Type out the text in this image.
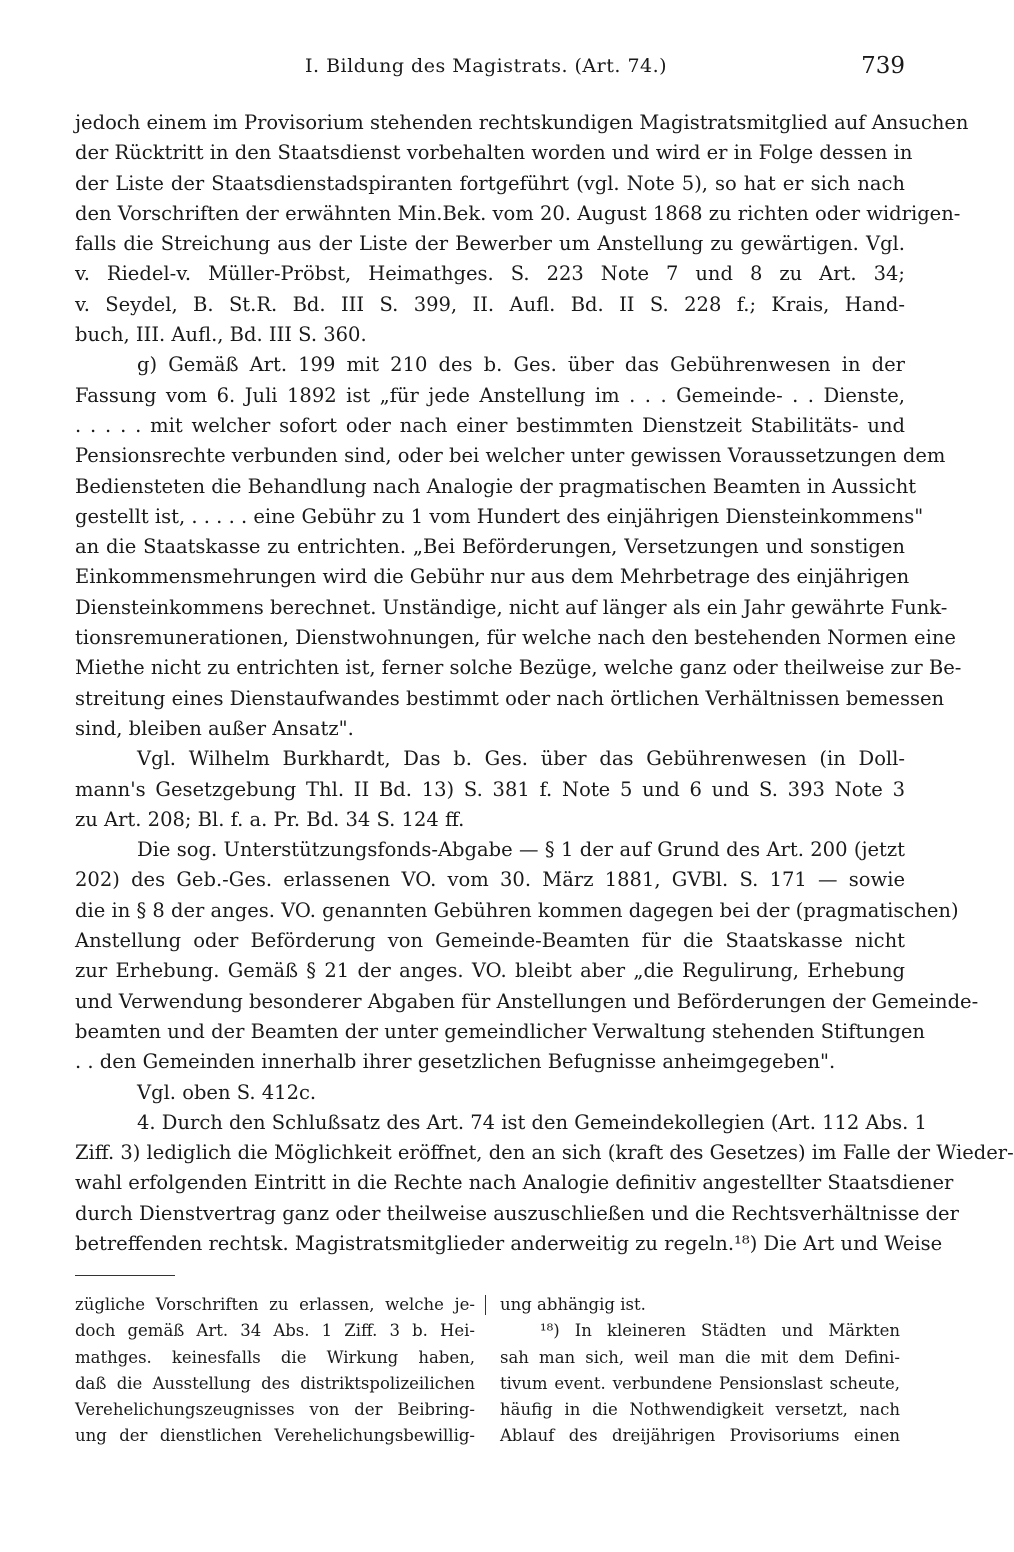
I. Bildung des Magistrats. (Art. 74.)	739
jedoch einem im Provisorium stehenden rechtskundigen Magistratsmitglied auf Ansuchen
der Rücktritt in den Staatsdienst vorbehalten worden und wird er in Folge dessen in
der Liste der Staatsdienstadspiranten fortgeführt (vgl. Note 5), so hat er sich nach
den Vorschriften der erwähnten Min.Bek. vom 20. August 1868 zu richten oder widrigen-
falls die Streichung aus der Liste der Bewerber um Anstellung zu gewärtigen. Vgl.
v. Riedel-v. Müller-Pröbst, Heimathges. S. 223 Note 7 und 8 zu Art. 34;
v. Seydel, B. St.R. Bd. III S. 399, II. Aufl. Bd. II S. 228 f.; Krais, Hand-
buch, III. Aufl., Bd. III S. 360.
g) Gemäß Art. 199 mit 210 des b. Ges. über das Gebührenwesen in der
Fassung vom 6. Juli 1892 ist „für jede Anstellung im . . . Gemeinde- . . Dienste,
. . . . . mit welcher sofort oder nach einer bestimmten Dienstzeit Stabilitäts- und
Pensionsrechte verbunden sind, oder bei welcher unter gewissen Voraussetzungen dem
Bediensteten die Behandlung nach Analogie der pragmatischen Beamten in Aussicht
gestellt ist, . . . . . eine Gebühr zu 1 vom Hundert des einjährigen Diensteinkommens"
an die Staatskasse zu entrichten. „Bei Beförderungen, Versetzungen und sonstigen
Einkommensmehrungen wird die Gebühr nur aus dem Mehrbetrage des einjährigen
Diensteinkommens berechnet. Unständige, nicht auf länger als ein Jahr gewährte Funk-
tionsremunerationen, Dienstwohnungen, für welche nach den bestehenden Normen eine
Miethe nicht zu entrichten ist, ferner solche Bezüge, welche ganz oder theilweise zur Be-
streitung eines Dienstaufwandes bestimmt oder nach örtlichen Verhältnissen bemessen
sind, bleiben außer Ansatz".
Vgl. Wilhelm Burkhardt, Das b. Ges. über das Gebührenwesen (in Doll-
mann's Gesetzgebung Thl. II Bd. 13) S. 381 f. Note 5 und 6 und S. 393 Note 3
zu Art. 208; Bl. f. a. Pr. Bd. 34 S. 124 ff.
Die sog. Unterstützungsfonds-Abgabe — § 1 der auf Grund des Art. 200 (jetzt
202) des Geb.-Ges. erlassenen VO. vom 30. März 1881, GVBl. S. 171 — sowie
die in § 8 der anges. VO. genannten Gebühren kommen dagegen bei der (pragmatischen)
Anstellung oder Beförderung von Gemeinde-Beamten für die Staatskasse nicht
zur Erhebung. Gemäß § 21 der anges. VO. bleibt aber „die Regulirung, Erhebung
und Verwendung besonderer Abgaben für Anstellungen und Beförderungen der Gemeinde-
beamten und der Beamten der unter gemeindlicher Verwaltung stehenden Stiftungen
. . den Gemeinden innerhalb ihrer gesetzlichen Befugnisse anheimgegeben".
Vgl. oben S. 412c.
4. Durch den Schlußsatz des Art. 74 ist den Gemeindekollegien (Art. 112 Abs. 1
Ziff. 3) lediglich die Möglichkeit eröffnet, den an sich (kraft des Gesetzes) im Falle der Wieder-
wahl erfolgenden Eintritt in die Rechte nach Analogie definitiv angestellter Staatsdiener
durch Dienstvertrag ganz oder theilweise auszuschließen und die Rechtsverhältnisse der
betreffenden rechtsk. Magistratsmitglieder anderweitig zu regeln.¹⁸) Die Art und Weise
zügliche Vorschriften zu erlassen, welche je-
doch gemäß Art. 34 Abs. 1 Ziff. 3 b. Hei-
mathges. keinesfalls die Wirkung haben,
daß die Ausstellung des distriktspolizeilichen
Verehelichungszeugnisses von der Beibring-
ung der dienstlichen Verehelichungsbewillig-
ung abhängig ist.
¹⁸) In kleineren Städten und Märkten
sah man sich, weil man die mit dem Defini-
tivum event. verbundene Pensionslast scheute,
häufig in die Nothwendigkeit versetzt, nach
Ablauf des dreijährigen Provisoriums einen
